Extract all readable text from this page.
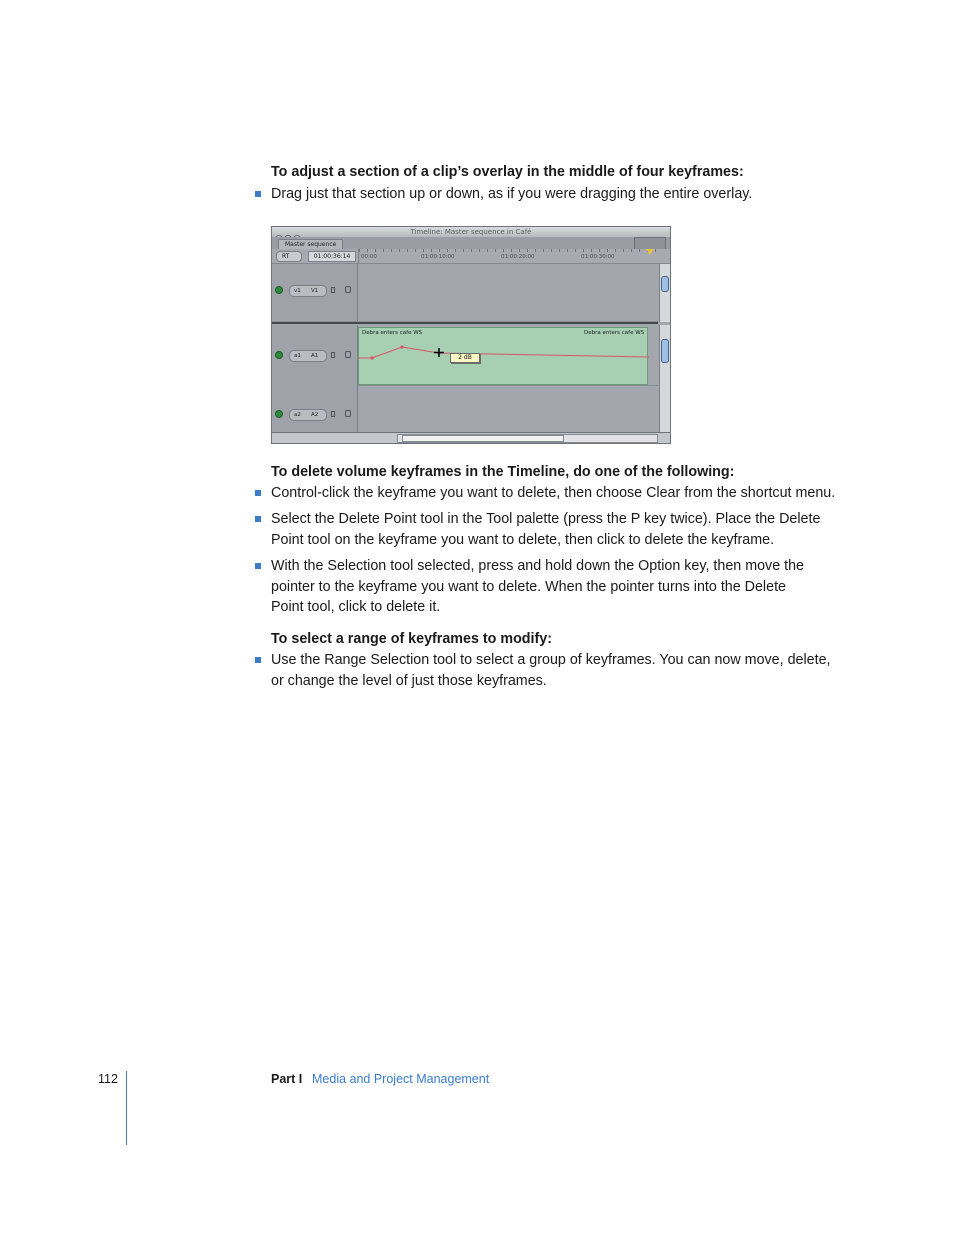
To adjust a section of a clip’s overlay in the middle of four keyframes:
Drag just that section up or down, as if you were dragging the entire overlay.
Timeline: Master sequence in Café
Master sequence
RT	01:00:36:14	00:00	01:00:10:00	01:00:20:00	01:00:30:00
v1 V1
a1 A1
Debra enters cafe WS	Debra enters cafe WS
2 dB
a2 A2
To delete volume keyframes in the Timeline, do one of the following:
Control-click the keyframe you want to delete, then choose Clear from the shortcut menu.
Select the Delete Point tool in the Tool palette (press the P key twice). Place the Delete Point tool on the keyframe you want to delete, then click to delete the keyframe.
With the Selection tool selected, press and hold down the Option key, then move the pointer to the keyframe you want to delete. When the pointer turns into the Delete Point tool, click to delete it.
To select a range of keyframes to modify:
Use the Range Selection tool to select a group of keyframes. You can now move, delete, or change the level of just those keyframes.
112	Part I Media and Project Management
